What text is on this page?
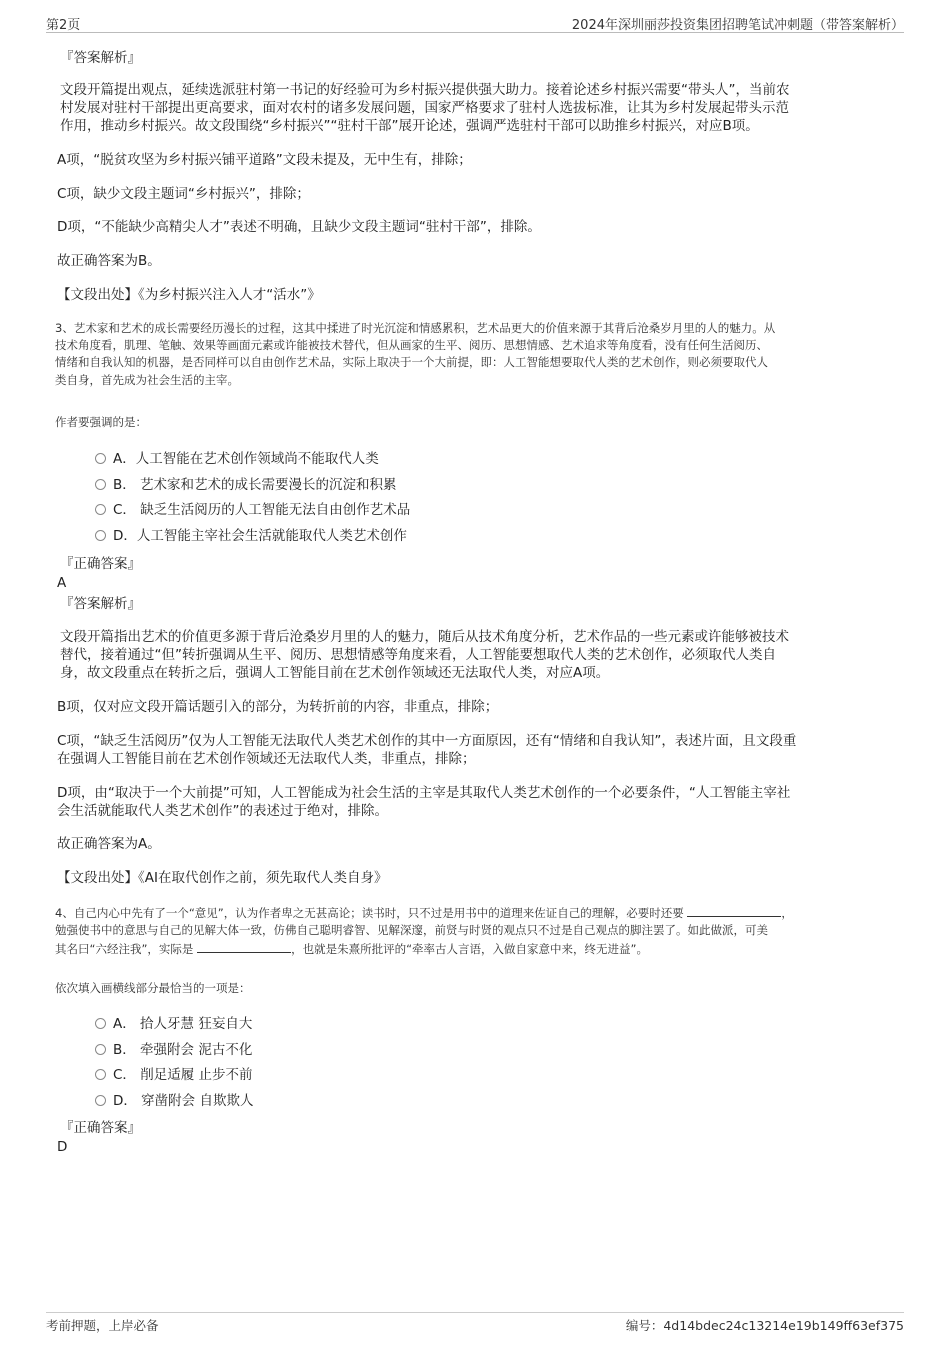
第2页	2024年深圳丽莎投资集团招聘笔试冲刺题（带答案解析）
『答案解析』
文段开篇提出观点，延续选派驻村第一书记的好经验可为乡村振兴提供强大助力。接着论述乡村振兴需要“带头人”，当前农
村发展对驻村干部提出更高要求，面对农村的诸多发展问题，国家严格要求了驻村人选拔标准，让其为乡村发展起带头示范
作用，推动乡村振兴。故文段围绕“乡村振兴”“驻村干部”展开论述，强调严选驻村干部可以助推乡村振兴，对应B项。
A项，“脱贫攻坚为乡村振兴铺平道路”文段未提及，无中生有，排除；
C项，缺少文段主题词“乡村振兴”，排除；
D项，“不能缺少高精尖人才”表述不明确，且缺少文段主题词“驻村干部”，排除。
故正确答案为B。
【文段出处】《为乡村振兴注入人才“活水”》
3、艺术家和艺术的成长需要经历漫长的过程，这其中揉进了时光沉淀和情感累积，艺术品更大的价值来源于其背后沧桑岁月里的人的魅力。从
技术角度看，肌理、笔触、效果等画面元素或许能被技术替代，但从画家的生平、阅历、思想情感、艺术追求等角度看，没有任何生活阅历、
情绪和自我认知的机器，是否同样可以自由创作艺术品，实际上取决于一个大前提，即：人工智能想要取代人类的艺术创作，则必须要取代人
类自身，首先成为社会生活的主宰。
作者要强调的是：
A．人工智能在艺术创作领域尚不能取代人类
B． 艺术家和艺术的成长需要漫长的沉淀和积累
C． 缺乏生活阅历的人工智能无法自由创作艺术品
D．人工智能主宰社会生活就能取代人类艺术创作
『正确答案』
A
『答案解析』
文段开篇指出艺术的价值更多源于背后沧桑岁月里的人的魅力，随后从技术角度分析，艺术作品的一些元素或许能够被技术
替代，接着通过“但”转折强调从生平、阅历、思想情感等角度来看，人工智能要想取代人类的艺术创作，必须取代人类自
身，故文段重点在转折之后，强调人工智能目前在艺术创作领域还无法取代人类，对应A项。
B项，仅对应文段开篇话题引入的部分，为转折前的内容，非重点，排除；
C项，“缺乏生活阅历”仅为人工智能无法取代人类艺术创作的其中一方面原因，还有“情绪和自我认知”，表述片面，且文段重
在强调人工智能目前在艺术创作领域还无法取代人类，非重点，排除；
D项，由“取决于一个大前提”可知，人工智能成为社会生活的主宰是其取代人类艺术创作的一个必要条件，“人工智能主宰社
会生活就能取代人类艺术创作”的表述过于绝对，排除。
故正确答案为A。
【文段出处】《AI在取代创作之前，须先取代人类自身》
4、自己内心中先有了一个“意见”，认为作者卑之无甚高论；读书时，只不过是用书中的道理来佐证自己的理解，必要时还要	，
勉强使书中的意思与自己的见解大体一致，仿佛自己聪明睿智、见解深邃，前贤与时贤的观点只不过是自己观点的脚注罢了。如此做派，可美
其名曰“六经注我”，实际是	，也就是朱熹所批评的“牵率古人言语，入做自家意中来，终无进益”。
依次填入画横线部分最恰当的一项是：
A． 拾人牙慧 狂妄自大
B． 牵强附会 泥古不化
C． 削足适履 止步不前
D． 穿凿附会 自欺欺人
『正确答案』
D
考前押题，上岸必备	编号：4d14bdec24c13214e19b149ff63ef375
